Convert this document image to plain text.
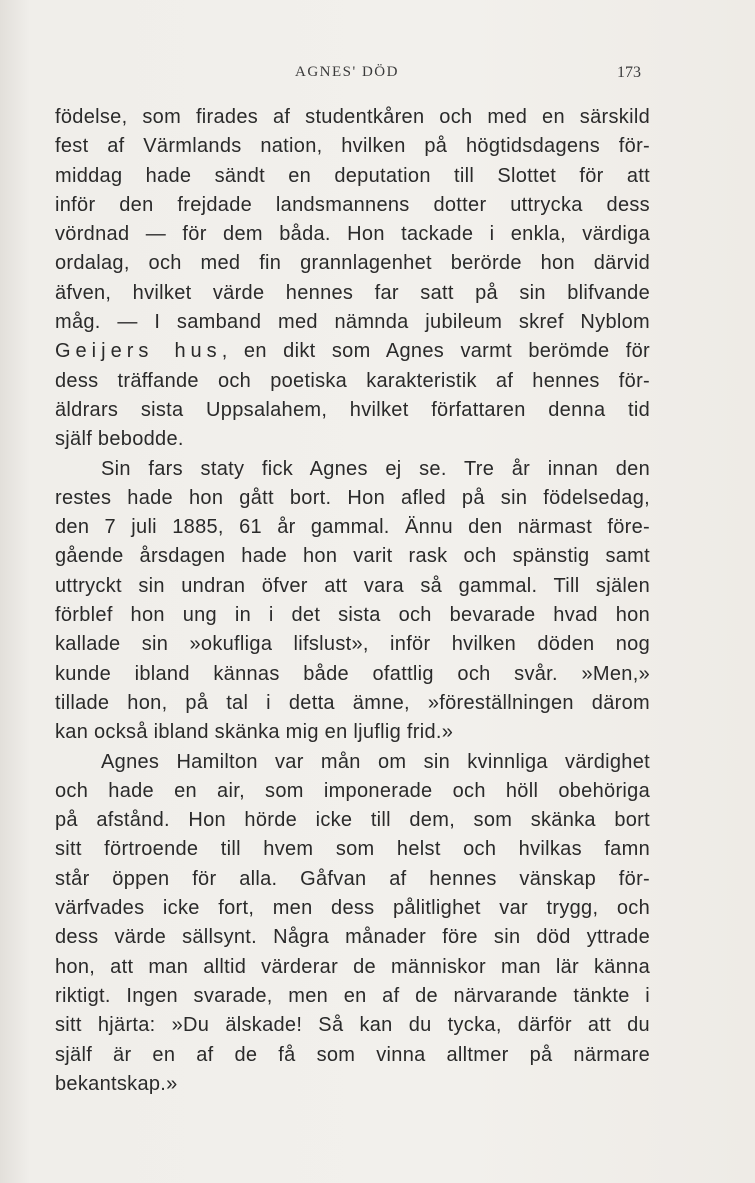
AGNES' DÖD	173
födelse, som firades af studentkåren och med en särskild
fest af Värmlands nation, hvilken på högtidsdagens för-
middag hade sändt en deputation till Slottet för att
inför den frejdade landsmannens dotter uttrycka dess
vördnad — för dem båda. Hon tackade i enkla, värdiga
ordalag, och med fin grannlagenhet berörde hon därvid
äfven, hvilket värde hennes far satt på sin blifvande
måg. — I samband med nämnda jubileum skref Nyblom
Geijers hus, en dikt som Agnes varmt berömde för
dess träffande och poetiska karakteristik af hennes för-
äldrars sista Uppsalahem, hvilket författaren denna tid
själf bebodde.
Sin fars staty fick Agnes ej se. Tre år innan den
restes hade hon gått bort. Hon afled på sin födelsedag,
den 7 juli 1885, 61 år gammal. Ännu den närmast före-
gående årsdagen hade hon varit rask och spänstig samt
uttryckt sin undran öfver att vara så gammal. Till själen
förblef hon ung in i det sista och bevarade hvad hon
kallade sin »okufliga lifslust», inför hvilken döden nog
kunde ibland kännas både ofattlig och svår. »Men,»
tillade hon, på tal i detta ämne, »föreställningen därom
kan också ibland skänka mig en ljuflig frid.»
Agnes Hamilton var mån om sin kvinnliga värdighet
och hade en air, som imponerade och höll obehöriga
på afstånd. Hon hörde icke till dem, som skänka bort
sitt förtroende till hvem som helst och hvilkas famn
står öppen för alla. Gåfvan af hennes vänskap för-
värfvades icke fort, men dess pålitlighet var trygg, och
dess värde sällsynt. Några månader före sin död yttrade
hon, att man alltid värderar de människor man lär känna
riktigt. Ingen svarade, men en af de närvarande tänkte i
sitt hjärta: »Du älskade! Så kan du tycka, därför att du
själf är en af de få som vinna alltmer på närmare
bekantskap.»
